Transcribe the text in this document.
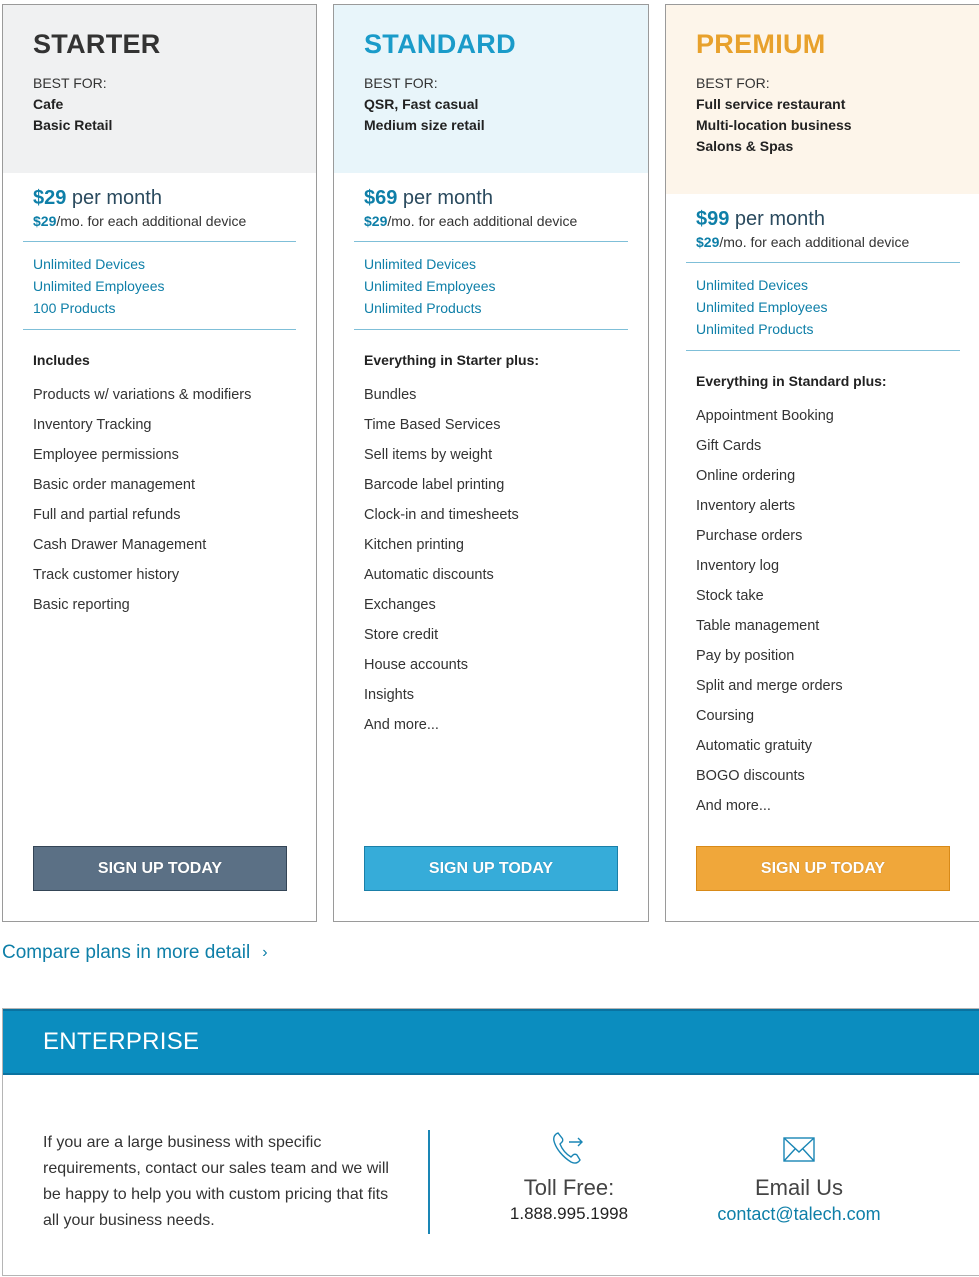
STARTER
BEST FOR:
Cafe
Basic Retail
$29 per month
$29/mo. for each additional device
Unlimited Devices
Unlimited Employees
100 Products
Includes
Products w/ variations & modifiers
Inventory Tracking
Employee permissions
Basic order management
Full and partial refunds
Cash Drawer Management
Track customer history
Basic reporting
SIGN UP TODAY
STANDARD
BEST FOR:
QSR, Fast casual
Medium size retail
$69 per month
$29/mo. for each additional device
Unlimited Devices
Unlimited Employees
Unlimited Products
Everything in Starter plus:
Bundles
Time Based Services
Sell items by weight
Barcode label printing
Clock-in and timesheets
Kitchen printing
Automatic discounts
Exchanges
Store credit
House accounts
Insights
And more...
SIGN UP TODAY
PREMIUM
BEST FOR:
Full service restaurant
Multi-location business
Salons & Spas
$99 per month
$29/mo. for each additional device
Unlimited Devices
Unlimited Employees
Unlimited Products
Everything in Standard plus:
Appointment Booking
Gift Cards
Online ordering
Inventory alerts
Purchase orders
Inventory log
Stock take
Table management
Pay by position
Split and merge orders
Coursing
Automatic gratuity
BOGO discounts
And more...
SIGN UP TODAY
Compare plans in more detail ›
ENTERPRISE
If you are a large business with specific requirements, contact our sales team and we will be happy to help you with custom pricing that fits all your business needs.
Toll Free:
1.888.995.1998
Email Us
contact@talech.com
